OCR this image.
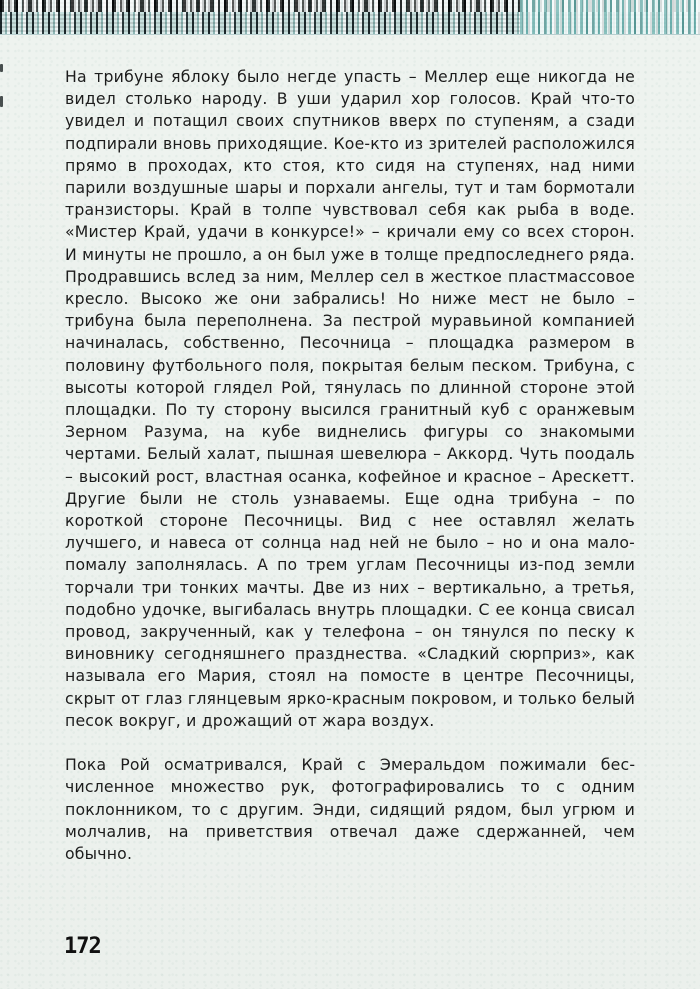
На трибуне яблоку было негде упасть – Меллер еще никогда не видел столько народу. В уши ударил хор голосов. Край что-то увидел и потащил своих спутников вверх по ступеням, а сзади подпирали вновь приходящие. Кое-кто из зрителей расположился прямо в проходах, кто стоя, кто сидя на ступенях, над ними парили воздушные шары и порхали ангелы, тут и там бормотали транзисторы. Край в толпе чувствовал себя как рыба в воде. «Мистер Край, удачи в конкурсе!» – кричали ему со всех сторон. И минуты не прошло, а он был уже в толще предпоследнего ряда. Продравшись вслед за ним, Меллер сел в жесткое пластмассовое кресло. Высоко же они забрались! Но ниже мест не было – трибуна была переполнена. За пестрой муравьиной компанией начиналась, собственно, Песочница – площадка размером в половину футбольного поля, покрытая белым песком. Трибуна, с высоты которой глядел Рой, тянулась по длинной стороне этой площадки. По ту сторону высился гранитный куб с оранжевым Зерном Разума, на кубе виднелись фигуры со знакомыми чертами. Белый халат, пышная шевелюра – Аккорд. Чуть поодаль – высокий рост, властная осанка, кофейное и красное – Арескетт. Другие были не столь узнаваемы. Еще одна трибуна – по короткой стороне Песочницы. Вид с нее оставлял желать лучшего, и навеса от солнца над ней не было – но и она мало-помалу заполнялась. А по трем углам Песочницы из-под земли торчали три тонких мачты. Две из них – вертикально, а третья, подобно удочке, выгибалась внутрь площадки. С ее конца свисал провод, закрученный, как у телефона – он тянулся по песку к виновнику сегодняшнего празднества. «Сладкий сюрприз», как называла его Мария, стоял на помосте в центре Песочницы, скрыт от глаз глянцевым ярко-красным покровом, и только белый песок вокруг, и дрожащий от жара воздух.

Пока Рой осматривался, Край с Эмеральдом пожимали бесчисленное множество рук, фотографировались то с одним поклонником, то с другим. Энди, сидящий рядом, был угрюм и молчалив, на приветствия отвечал даже сдержанней, чем обычно.

172
